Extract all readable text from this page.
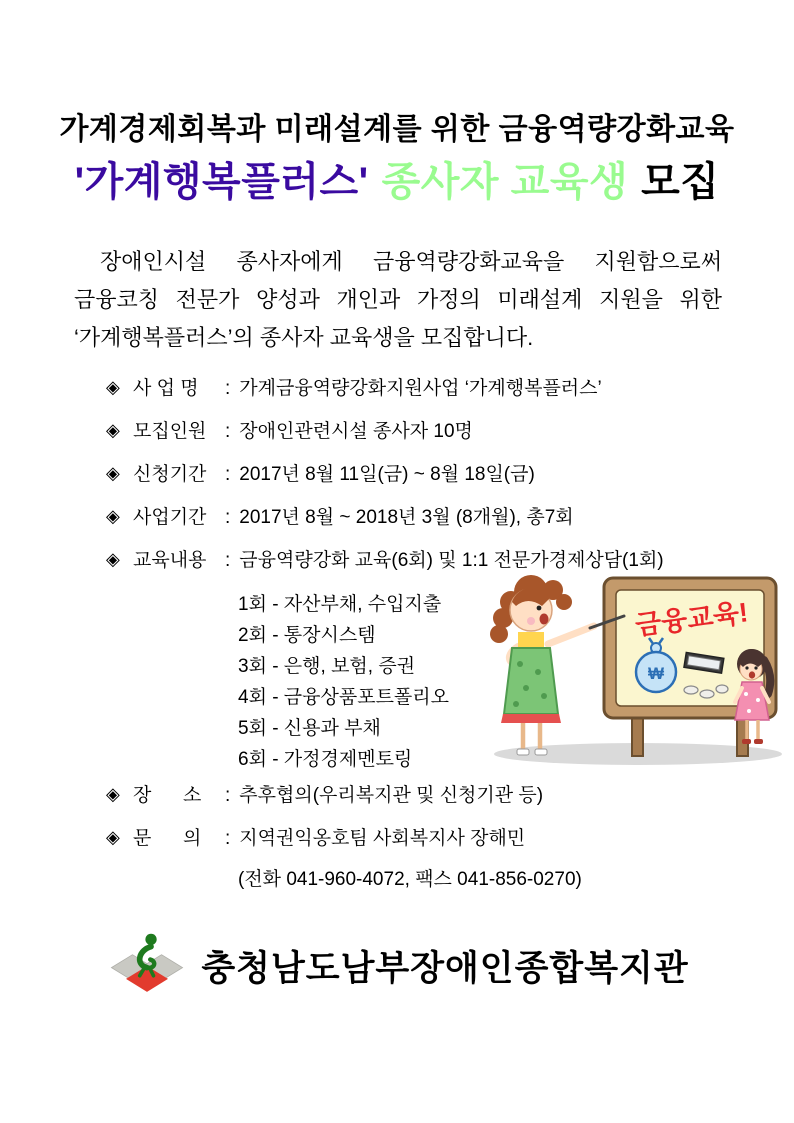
가계경제회복과 미래설계를 위한 금융역량강화교육
'가계행복플러스' 종사자 교육생 모집
장애인시설 종사자에게 금융역량강화교육을 지원함으로써 금융코칭 전문가 양성과 개인과 가정의 미래설계 지원을 위한 ‘가계행복플러스’의 종사자 교육생을 모집합니다.
◈ 사 업 명 : 가계금융역량강화지원사업 ‘가계행복플러스’
◈ 모집인원 : 장애인관련시설 종사자 10명
◈ 신청기간 : 2017년 8월 11일(금) ~ 8월 18일(금)
◈ 사업기간 : 2017년 8월 ~ 2018년 3월 (8개월), 총7회
◈ 교육내용 : 금융역량강화 교육(6회) 및 1:1 전문가경제상담(1회)
1회 - 자산부채, 수입지출
2회 - 통장시스템
3회 - 은행, 보험, 증권
4회 - 금융상품포트폴리오
5회 - 신용과 부채
6회 - 가정경제멘토링
◈ 장      소 : 추후협의(우리복지관 및 신청기관 등)
◈ 문      의 : 지역권익옹호팀 사회복지사 장해민
(전화 041-960-4072, 팩스 041-856-0270)
금융교육!
₩
충청남도남부장애인종합복지관
